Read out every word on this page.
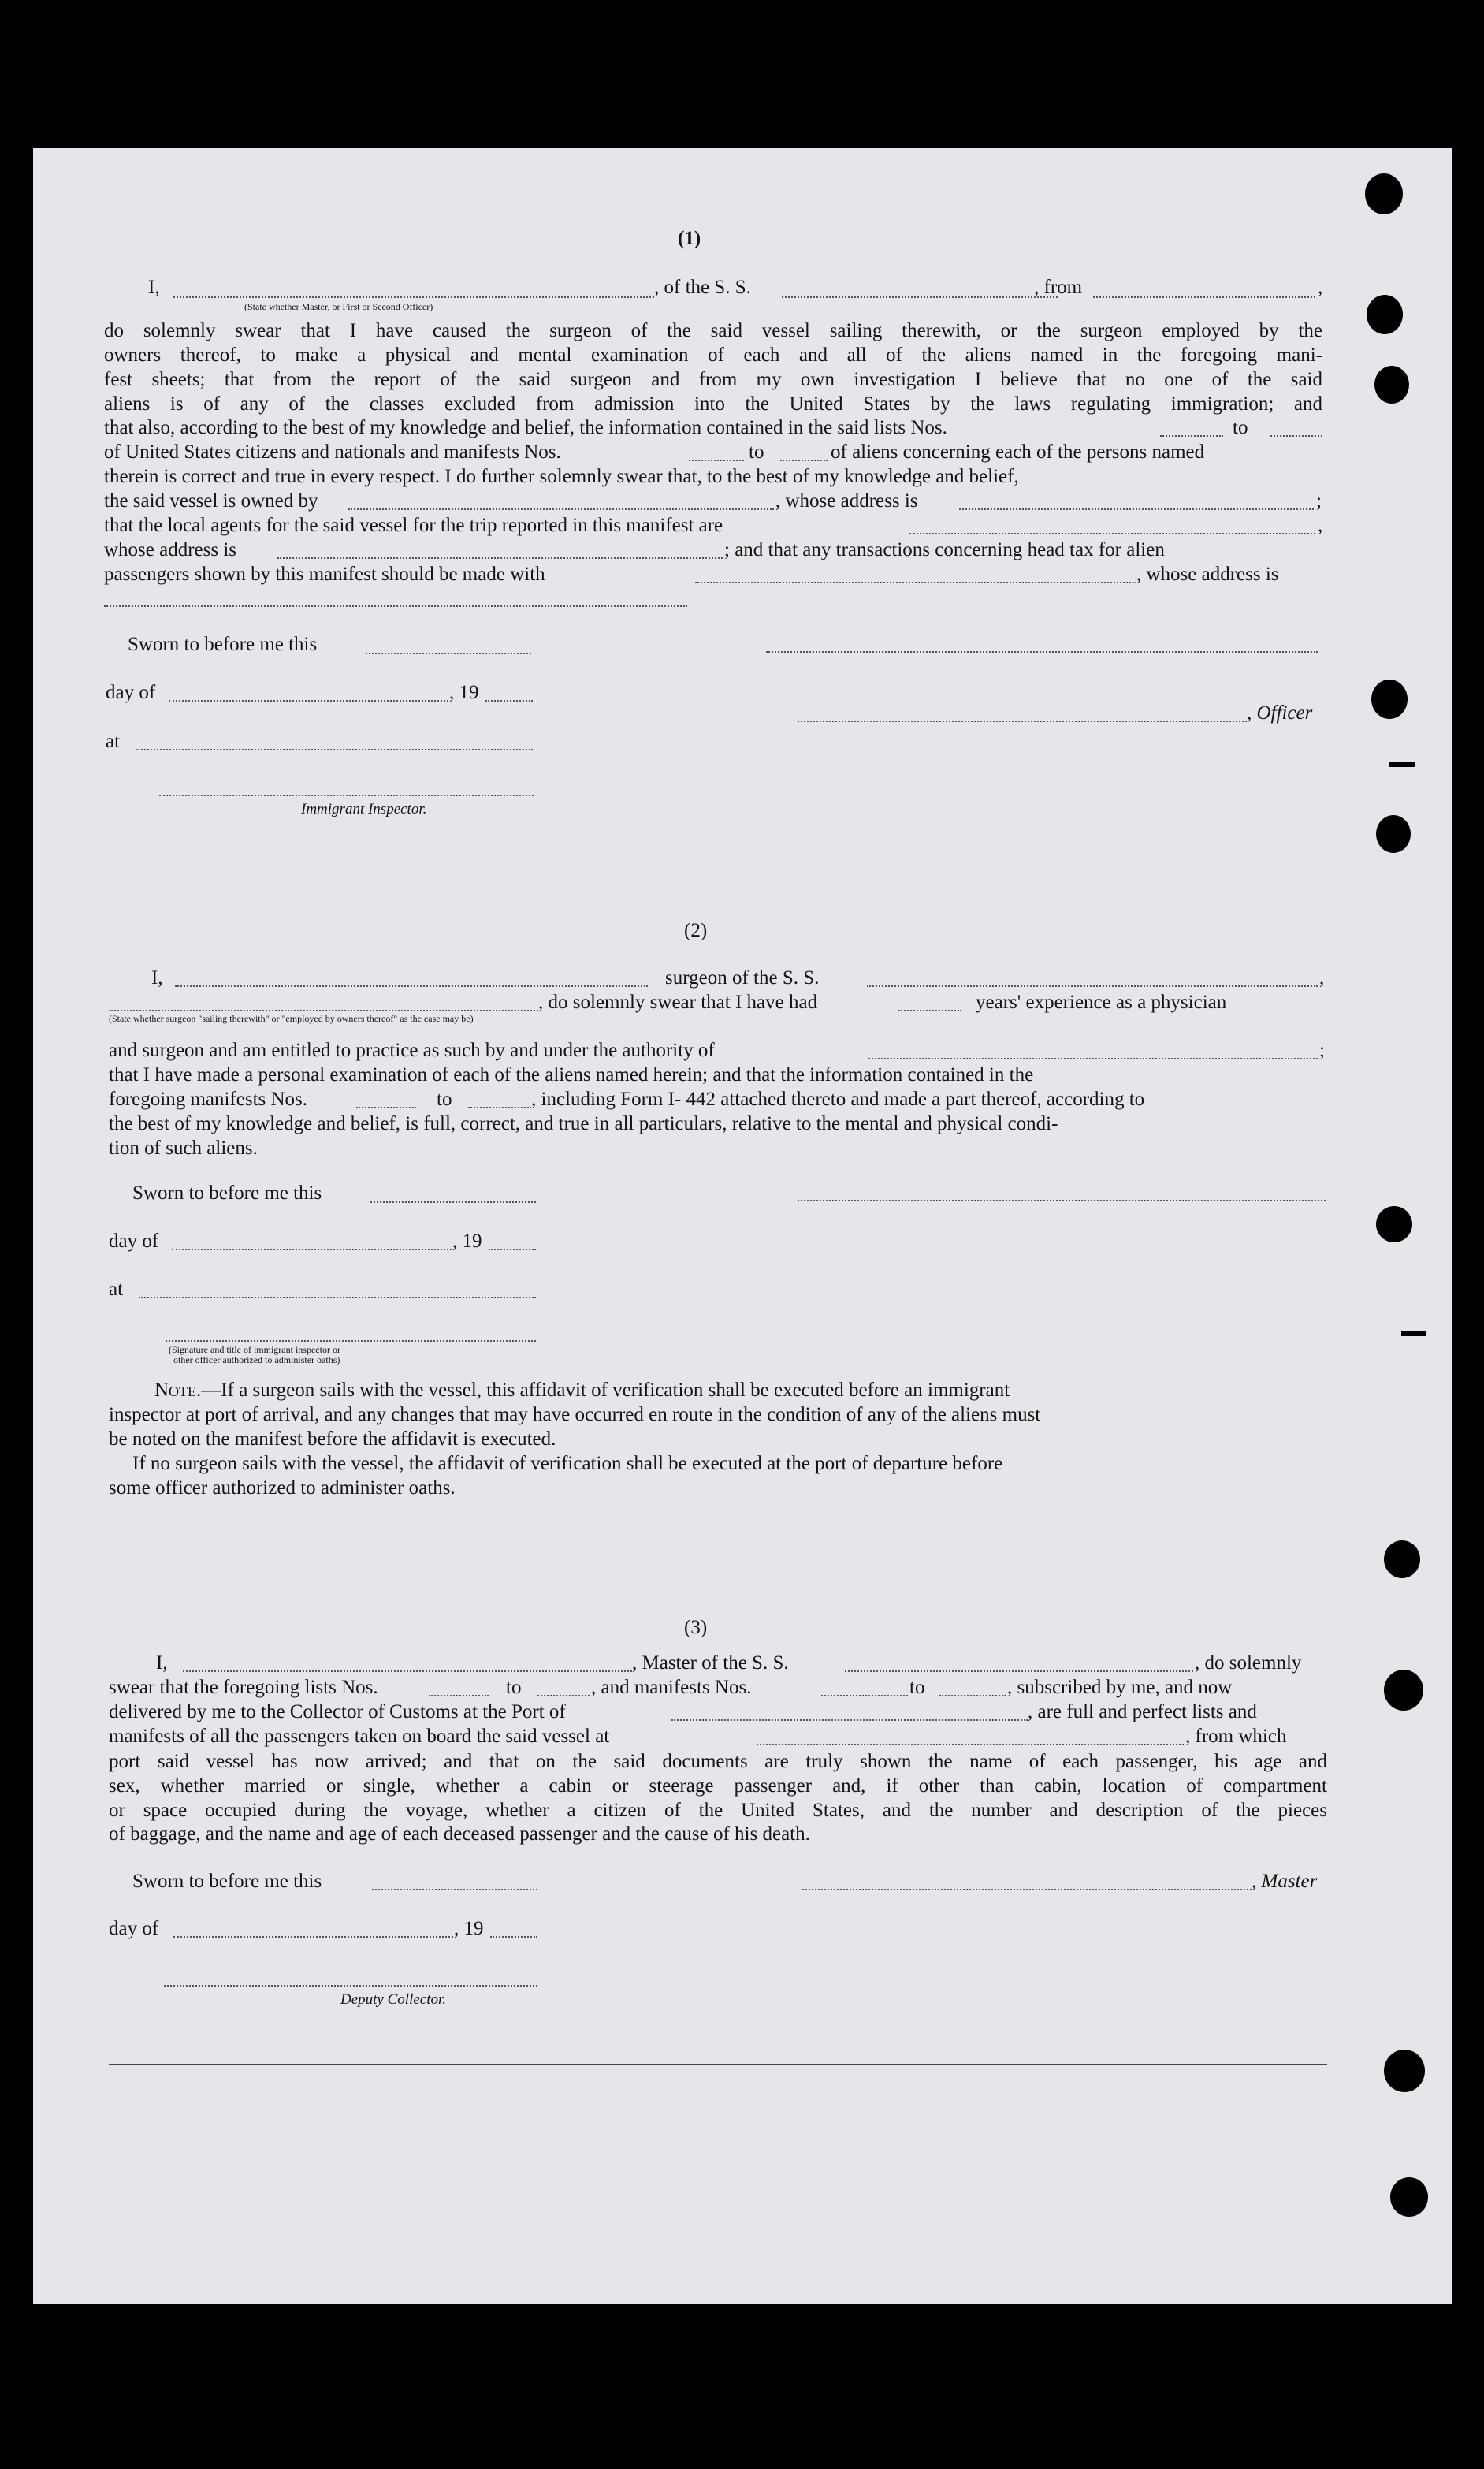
(1)
I,	, of the S. S.	, from	,
(State whether Master, or First or Second Officer)
do solemnly swear that I have caused the surgeon of the said vessel sailing therewith, or the surgeon employed by the
owners thereof, to make a physical and mental examination of each and all of the aliens named in the foregoing mani-
fest sheets; that from the report of the said surgeon and from my own investigation I believe that no one of the said
aliens is of any of the classes excluded from admission into the United States by the laws regulating immigration; and
that also, according to the best of my knowledge and belief, the information contained in the said lists Nos.	to
of United States citizens and nationals and manifests Nos.	to	of aliens concerning each of the persons named
therein is correct and true in every respect. I do further solemnly swear that, to the best of my knowledge and belief,
the said vessel is owned by	, whose address is	;
that the local agents for the said vessel for the trip reported in this manifest are	,
whose address is	; and that any transactions concerning head tax for alien
passengers shown by this manifest should be made with	, whose address is
Sworn to before me this
day of	, 19
, Officer
at
Immigrant Inspector.
(2)
I,	surgeon of the S. S.	,
, do solemnly swear that I have had	years' experience as a physician
(State whether surgeon "sailing therewith" or "employed by owners thereof" as the case may be)
and surgeon and am entitled to practice as such by and under the authority of	;
that I have made a personal examination of each of the aliens named herein; and that the information contained in the
foregoing manifests Nos.	to	, including Form I- 442 attached thereto and made a part thereof, according to
the best of my knowledge and belief, is full, correct, and true in all particulars, relative to the mental and physical condi-
tion of such aliens.
Sworn to before me this
day of	, 19
at
(Signature and title of immigrant inspector or
other officer authorized to administer oaths)
Note.—If a surgeon sails with the vessel, this affidavit of verification shall be executed before an immigrant
inspector at port of arrival, and any changes that may have occurred en route in the condition of any of the aliens must
be noted on the manifest before the affidavit is executed.
If no surgeon sails with the vessel, the affidavit of verification shall be executed at the port of departure before
some officer authorized to administer oaths.
(3)
I,	, Master of the S. S.	, do solemnly
swear that the foregoing lists Nos.	to	, and manifests Nos.	to	, subscribed by me, and now
delivered by me to the Collector of Customs at the Port of	, are full and perfect lists and
manifests of all the passengers taken on board the said vessel at	, from which
port said vessel has now arrived; and that on the said documents are truly shown the name of each passenger, his age and
sex, whether married or single, whether a cabin or steerage passenger and, if other than cabin, location of compartment
or space occupied during the voyage, whether a citizen of the United States, and the number and description of the pieces
of baggage, and the name and age of each deceased passenger and the cause of his death.
Sworn to before me this	, Master
day of	, 19
Deputy Collector.
